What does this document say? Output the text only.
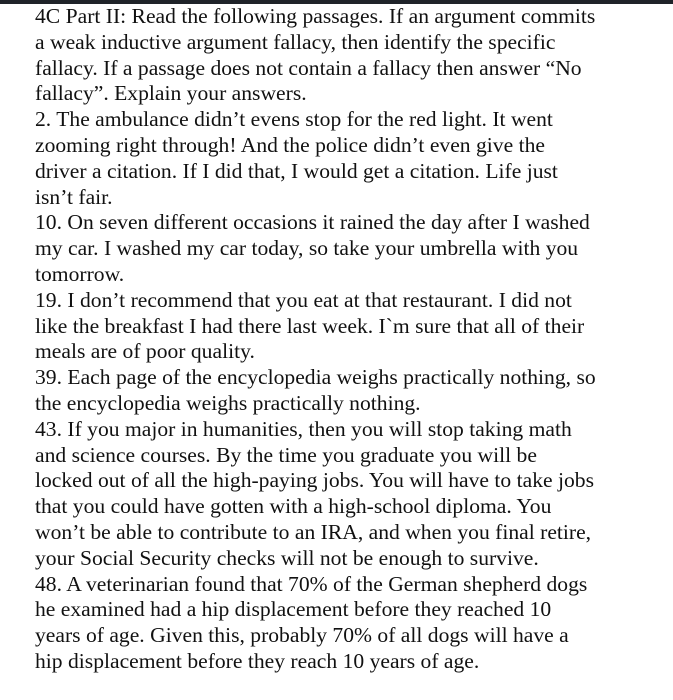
4C Part II: Read the following passages. If an argument commits
a weak inductive argument fallacy, then identify the specific
fallacy. If a passage does not contain a fallacy then answer “No
fallacy”. Explain your answers.
2. The ambulance didn’t evens stop for the red light. It went
zooming right through! And the police didn’t even give the
driver a citation. If I did that, I would get a citation. Life just
isn’t fair.
10. On seven different occasions it rained the day after I washed
my car. I washed my car today, so take your umbrella with you
tomorrow.
19. I don’t recommend that you eat at that restaurant. I did not
like the breakfast I had there last week. I`m sure that all of their
meals are of poor quality.
39. Each page of the encyclopedia weighs practically nothing, so
the encyclopedia weighs practically nothing.
43. If you major in humanities, then you will stop taking math
and science courses. By the time you graduate you will be
locked out of all the high-paying jobs. You will have to take jobs
that you could have gotten with a high-school diploma. You
won’t be able to contribute to an IRA, and when you final retire,
your Social Security checks will not be enough to survive.
48. A veterinarian found that 70% of the German shepherd dogs
he examined had a hip displacement before they reached 10
years of age. Given this, probably 70% of all dogs will have a
hip displacement before they reach 10 years of age.
